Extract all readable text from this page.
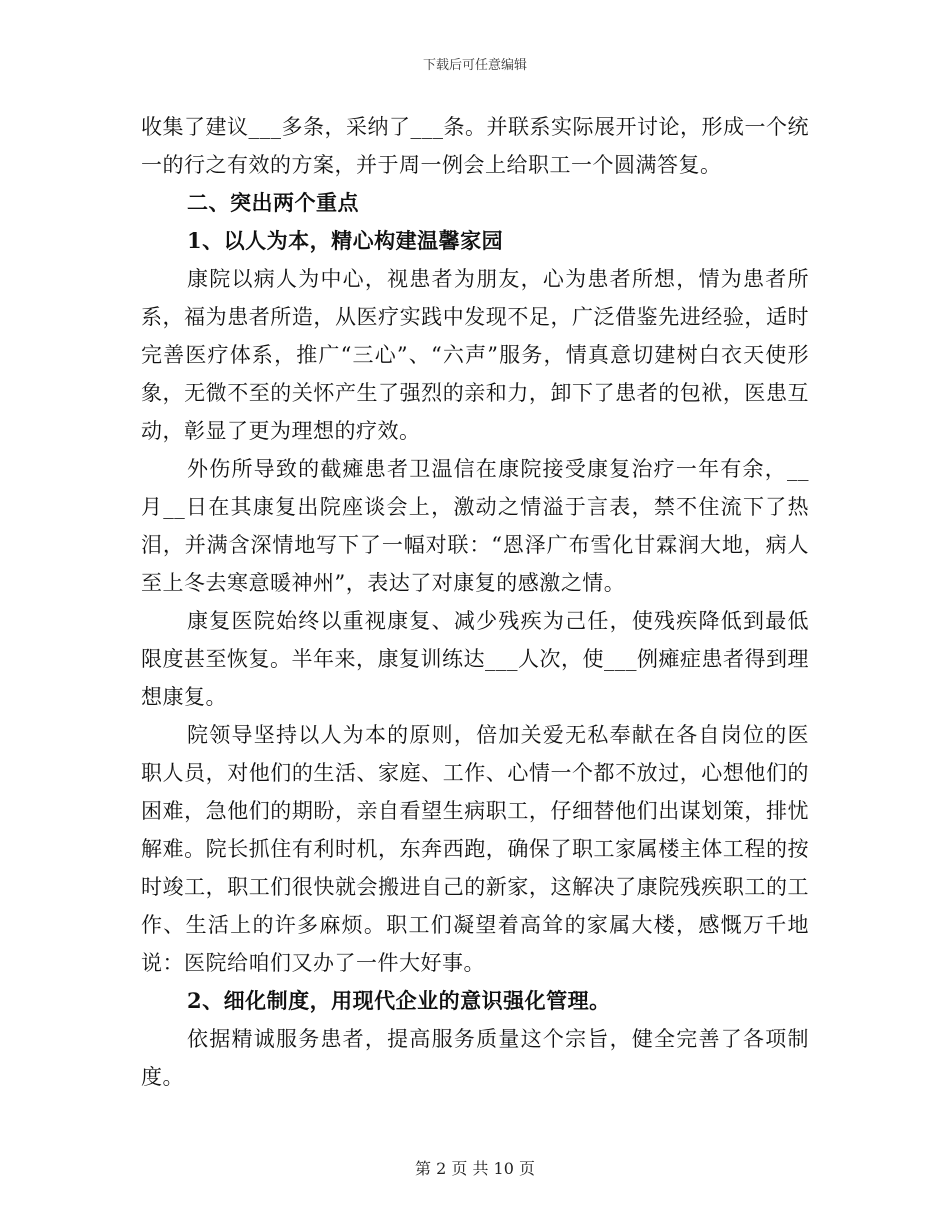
下载后可任意编辑

收集了建议___多条，采纳了___条。并联系实际展开讨论，形成一个统一的行之有效的方案，并于周一例会上给职工一个圆满答复。

二、突出两个重点

1、以人为本，精心构建温馨家园

康院以病人为中心，视患者为朋友，心为患者所想，情为患者所系，福为患者所造，从医疗实践中发现不足，广泛借鉴先进经验，适时完善医疗体系，推广“三心”、“六声”服务，情真意切建树白衣天使形象，无微不至的关怀产生了强烈的亲和力，卸下了患者的包袱，医患互动，彰显了更为理想的疗效。

外伤所导致的截瘫患者卫温信在康院接受康复治疗一年有余，__月__日在其康复出院座谈会上，激动之情溢于言表，禁不住流下了热泪，并满含深情地写下了一幅对联：“恩泽广布雪化甘霖润大地，病人至上冬去寒意暖神州”，表达了对康复的感激之情。

康复医院始终以重视康复、减少残疾为己任，使残疾降低到最低限度甚至恢复。半年来，康复训练达___人次，使___例瘫症患者得到理想康复。

院领导坚持以人为本的原则，倍加关爱无私奉献在各自岗位的医职人员，对他们的生活、家庭、工作、心情一个都不放过，心想他们的困难，急他们的期盼，亲自看望生病职工，仔细替他们出谋划策，排忧解难。院长抓住有利时机，东奔西跑，确保了职工家属楼主体工程的按时竣工，职工们很快就会搬进自己的新家，这解决了康院残疾职工的工作、生活上的许多麻烦。职工们凝望着高耸的家属大楼，感慨万千地说：医院给咱们又办了一件大好事。

2、细化制度，用现代企业的意识强化管理。

依据精诚服务患者，提高服务质量这个宗旨，健全完善了各项制度。

第 2 页 共 10 页
